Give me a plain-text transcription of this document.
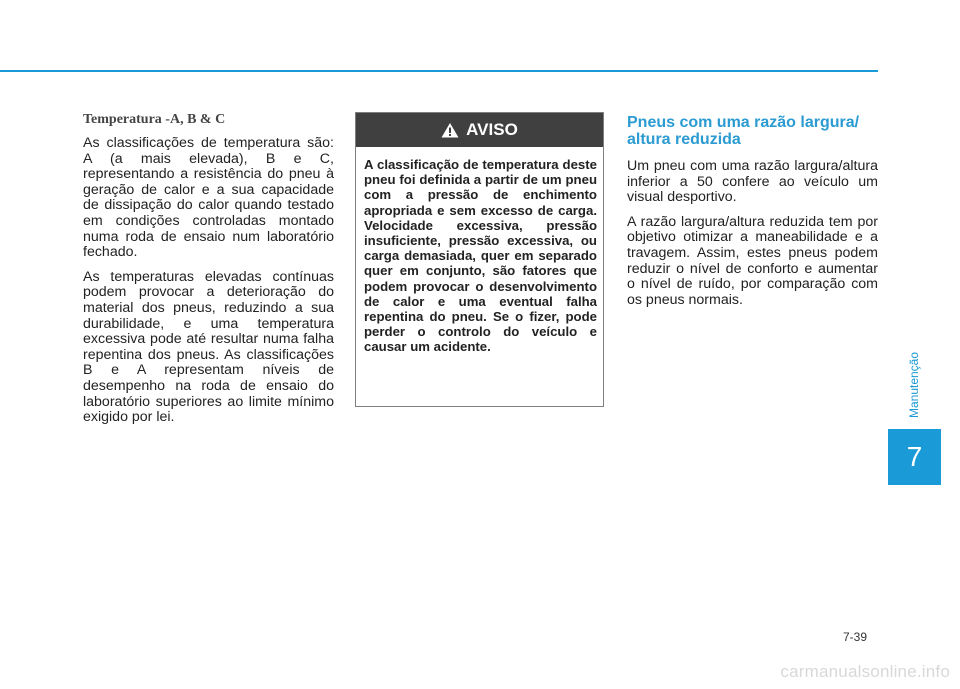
Temperatura -A, B & C

As classificações de temperatura são: A (a mais elevada), B e C, representando a resistência do pneu à geração de calor e a sua capacidade de dissipação do calor quando testado em condições controladas montado numa roda de ensaio num laboratório fechado.

As temperaturas elevadas contínuas podem provocar a deterioração do material dos pneus, reduzindo a sua durabilidade, e uma temperatura excessiva pode até resultar numa falha repentina dos pneus. As classificações B e A representam níveis de desempenho na roda de ensaio do laboratório superiores ao limite mínimo exigido por lei.

AVISO
A classificação de temperatura deste pneu foi definida a partir de um pneu com a pressão de enchimento apropriada e sem excesso de carga. Velocidade excessiva, pressão insuficiente, pressão excessiva, ou carga demasiada, quer em separado quer em conjunto, são fatores que podem provocar o desenvolvimento de calor e uma eventual falha repentina do pneu. Se o fizer, pode perder o controlo do veículo e causar um acidente.
Pneus com uma razão largura/ altura reduzida

Um pneu com uma razão largura/altura inferior a 50 confere ao veículo um visual desportivo.

A razão largura/altura reduzida tem por objetivo otimizar a maneabilidade e a travagem. Assim, estes pneus podem reduzir o nível de conforto e aumentar o nível de ruído, por comparação com os pneus normais.

Manutenção
7
7-39
carmanualsonline.info
